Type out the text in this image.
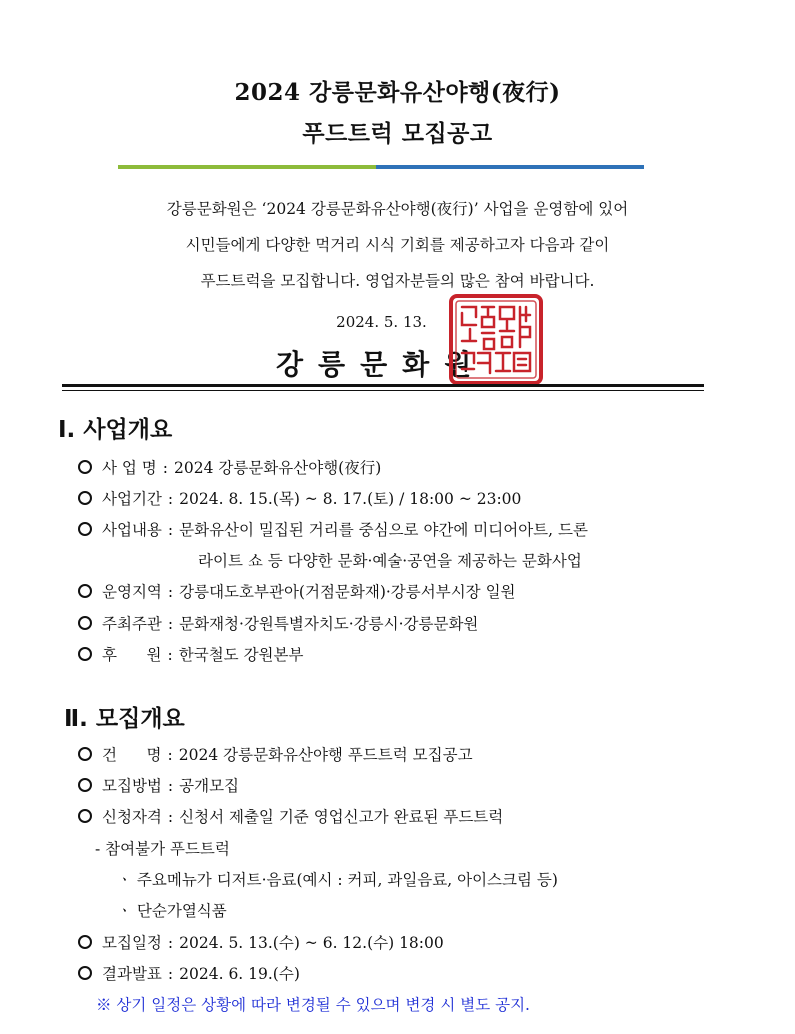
2024 강릉문화유산야행(夜行)
푸드트럭 모집공고
강릉문화원은 ‘2024 강릉문화유산야행(夜行)’ 사업을 운영함에 있어
시민들에게 다양한 먹거리 시식 기회를 제공하고자 다음과 같이
푸드트럭을 모집합니다. 영업자분들의 많은 참여 바랍니다.
2024. 5. 13.
강릉문화원
I. 사업개요
사 업 명 : 2024 강릉문화유산야행(夜行)
사업기간 : 2024. 8. 15.(목) ~ 8. 17.(토) / 18:00 ~ 23:00
사업내용 : 문화유산이 밀집된 거리를 중심으로 야간에 미디어아트, 드론
라이트 쇼 등 다양한 문화·예술·공연을 제공하는 문화사업
운영지역 : 강릉대도호부관아(거점문화재)·강릉서부시장 일원
주최주관 : 문화재청·강원특별자치도·강릉시·강릉문화원
후      원 : 한국철도 강원본부
Ⅱ. 모집개요
건      명 : 2024 강릉문화유산야행 푸드트럭 모집공고
모집방법 : 공개모집
신청자격 : 신청서 제출일 기준 영업신고가 완료된 푸드트럭
- 참여불가 푸드트럭
ㆍ 주요메뉴가 디저트·음료(예시 : 커피, 과일음료, 아이스크림 등)
ㆍ 단순가열식품
모집일정 : 2024. 5. 13.(수) ~ 6. 12.(수) 18:00
결과발표 : 2024. 6. 19.(수)
※ 상기 일정은 상황에 따라 변경될 수 있으며 변경 시 별도 공지.
